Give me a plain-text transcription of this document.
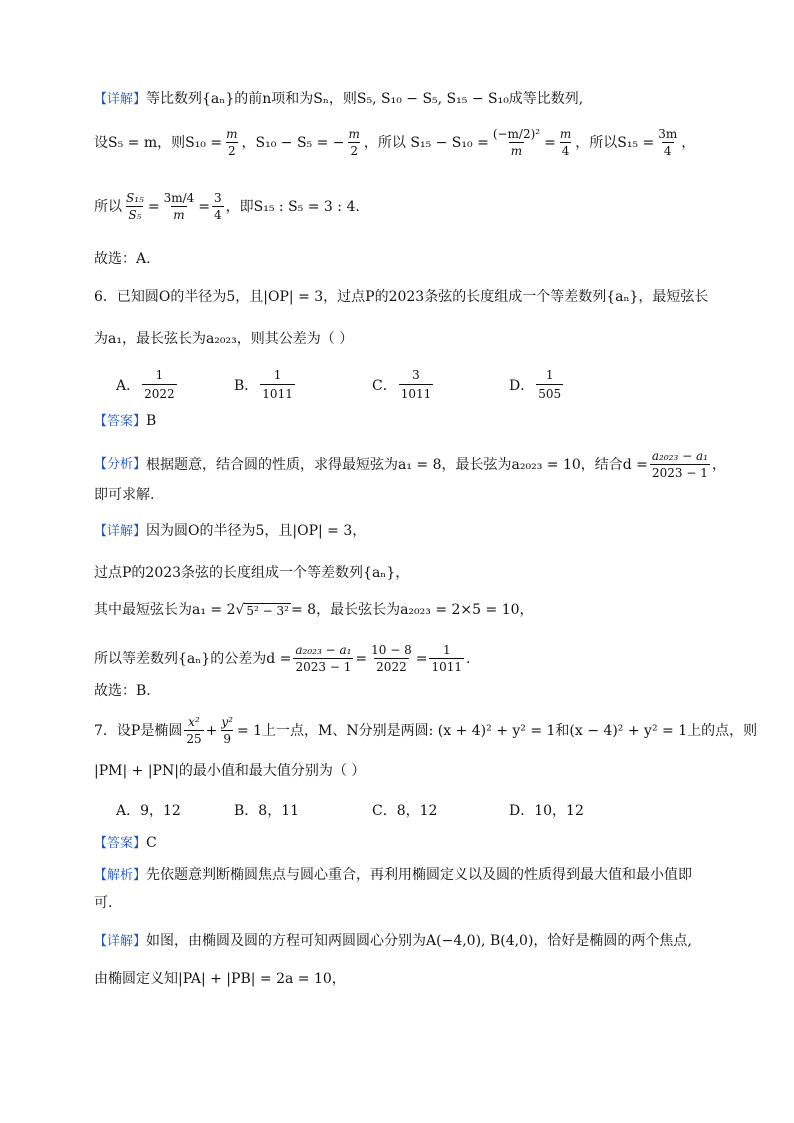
【详解】等比数列{aₙ}的前n项和为Sₙ，则S₅, S₁₀ − S₅, S₁₅ − S₁₀成等比数列,
设S₅ = m，则$S_{10} = \frac{m}{2}$ ，S₁₀ − S₅ = − $\frac{m}{2}$ ，所以 $S_{15} - S_{10} = \frac{\text{(−m/2)²}}{m} = \frac{m}{4}$ ，所以$S_{15} = \frac{3m}{4}$ ，
所以 $\frac{\text{S₁₅}}{\text{S₅}} = \frac{3m/4}{m} = \frac{3}{4}$ ，即S₁₅ : S₅ = 3 : 4.
故选：A.
6．已知圆O的半径为5，且|OP| = 3，过点P的2023条弦的长度组成一个等差数列{aₙ}，最短弦长
为a₁，最长弦长为a₂₀₂₃，则其公差为（ ）
A． $\frac{1}{2022}$	B． $\frac{1}{1011}$	C． $\frac{3}{1011}$	D． $\frac{1}{505}$
【答案】B
【分析】 根据题意，结合圆的性质，求得最短弦为a₁ = 8，最长弦为a₂₀₂₃ = 10，结合$d = \frac{\text{a₂₀₂₃ − a₁}}{2023 - 1}$ ，
即可求解.
【详解】因为圆O的半径为5，且|OP| = 3，
过点P的2023条弦的长度组成一个等差数列{aₙ}，
其中最短弦长为a₁ = 2 √ 5² − 3² = 8，最长弦长为a₂₀₂₃ = 2×5 = 10，
所以等差数列{aₙ}的公差为$d = \frac{\text{a₂₀₂₃ − a₁}}{2023 - 1} = \frac{10 - 8}{2022} = \frac{1}{1011}$ .
故选：B.
7．设P是椭圆 $\frac{\text{x²}}{25} + \frac{\text{y²}}{9} = 1$上一点，M、N分别是两圆: (x + 4)² + y² = 1和(x − 4)² + y² = 1上的点，则
|PM| + |PN|的最小值和最大值分别为（ ）
A．9，12	B．8，11	C．8，12	D．10，12
【答案】C
【解析】先依题意判断椭圆焦点与圆心重合，再利用椭圆定义以及圆的性质得到最大值和最小值即
可.
【详解】如图，由椭圆及圆的方程可知两圆圆心分别为A(−4,0), B(4,0)，恰好是椭圆的两个焦点,
由椭圆定义知|PA| + |PB| = 2a = 10，
